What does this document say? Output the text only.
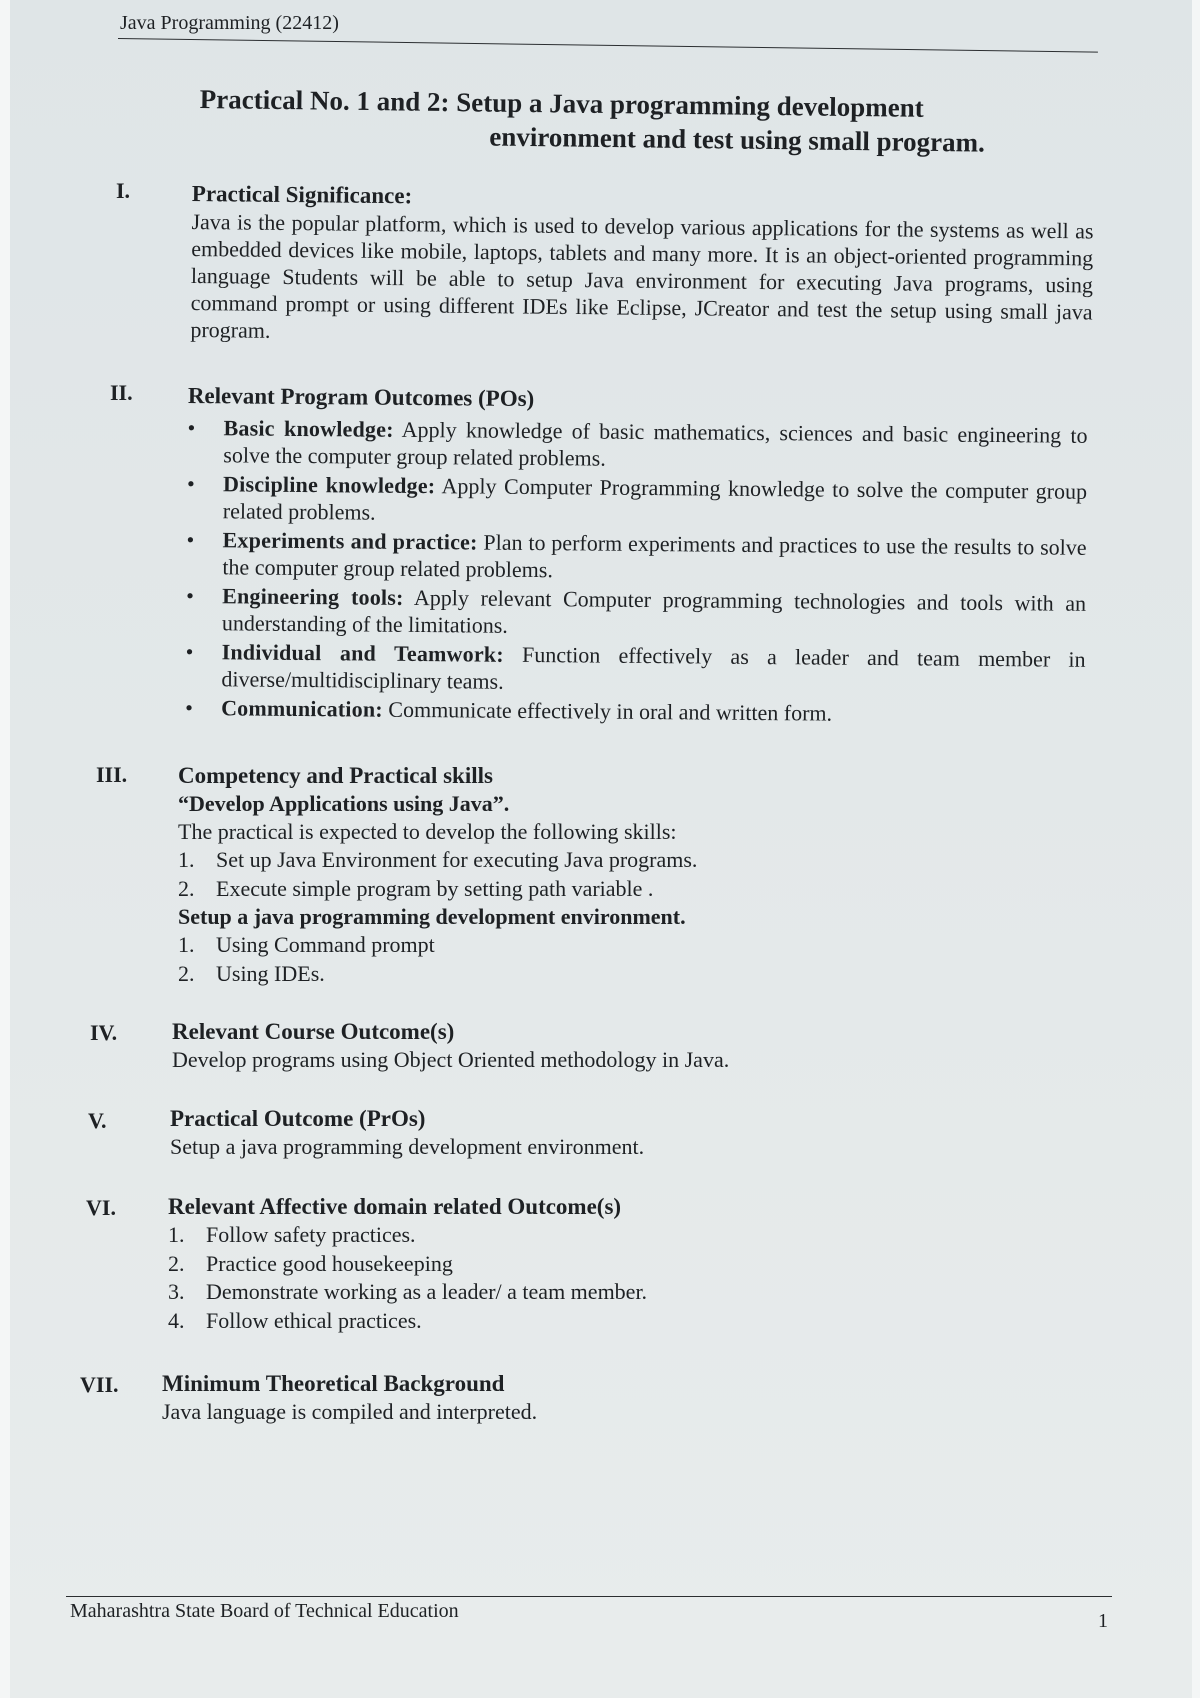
Java Programming (22412)
Practical No. 1 and 2: Setup a Java programming development
environment and test using small program.
I.	Practical Significance:
Java is the popular platform, which is used to develop various applications for the systems as well as embedded devices like mobile, laptops, tablets and many more. It is an object-oriented programming language Students will be able to setup Java environment for executing Java programs, using command prompt or using different IDEs like Eclipse, JCreator and test the setup using small java program.
II. Relevant Program Outcomes (POs)
• Basic knowledge: Apply knowledge of basic mathematics, sciences and basic engineering to solve the computer group related problems.
• Discipline knowledge: Apply Computer Programming knowledge to solve the computer group related problems.
• Experiments and practice: Plan to perform experiments and practices to use the results to solve the computer group related problems.
• Engineering tools: Apply relevant Computer programming technologies and tools with an understanding of the limitations.
• Individual and Teamwork: Function effectively as a leader and team member in diverse/multidisciplinary teams.
• Communication: Communicate effectively in oral and written form.
III. Competency and Practical skills
“Develop Applications using Java”.
The practical is expected to develop the following skills:
1. Set up Java Environment for executing Java programs.
2. Execute simple program by setting path variable .
Setup a java programming development environment.
1. Using Command prompt
2. Using IDEs.
IV. Relevant Course Outcome(s)
Develop programs using Object Oriented methodology in Java.
V.	Practical Outcome (PrOs)
Setup a java programming development environment.
VI. Relevant Affective domain related Outcome(s)
1. Follow safety practices.
2. Practice good housekeeping
3. Demonstrate working as a leader/ a team member.
4. Follow ethical practices.
VII. Minimum Theoretical Background
Java language is compiled and interpreted.
Maharashtra State Board of Technical Education	1
